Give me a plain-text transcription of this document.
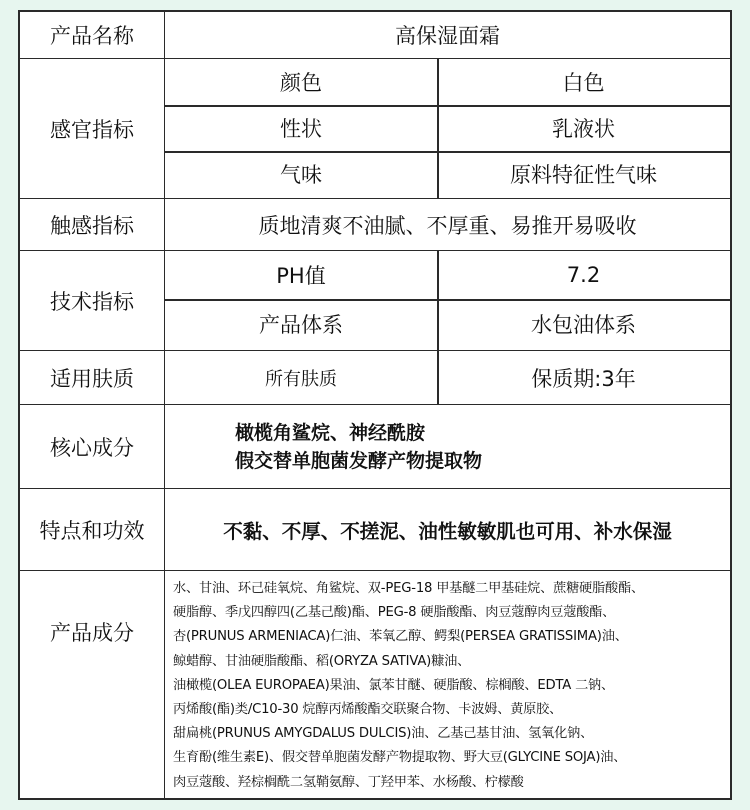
产品名称	高保湿面霜
感官指标
颜色	白色
性状	乳液状
气味	原料特征性气味
触感指标	质地清爽不油腻、不厚重、易推开易吸收
技术指标
PH值	7.2
产品体系	水包油体系
适用肤质	所有肤质	保质期:3年
核心成分
橄榄角鲨烷、神经酰胺
假交替单胞菌发酵产物提取物
特点和功效	不黏、不厚、不搓泥、油性敏敏肌也可用、补水保湿
产品成分
水、甘油、环己硅氧烷、角鲨烷、双-PEG-18 甲基醚二甲基硅烷、蔗糖硬脂酸酯、
硬脂醇、季戊四醇四(乙基己酸)酯、PEG-8 硬脂酸酯、肉豆蔻醇肉豆蔻酸酯、
杏(PRUNUS ARMENIACA)仁油、苯氧乙醇、鳄梨(PERSEA GRATISSIMA)油、
鲸蜡醇、甘油硬脂酸酯、稻(ORYZA SATIVA)糠油、
油橄榄(OLEA EUROPAEA)果油、氯苯甘醚、硬脂酸、棕榈酸、EDTA 二钠、
丙烯酸(酯)类/C10-30 烷醇丙烯酸酯交联聚合物、卡波姆、黄原胶、
甜扁桃(PRUNUS AMYGDALUS DULCIS)油、乙基己基甘油、氢氧化钠、
生育酚(维生素E)、假交替单胞菌发酵产物提取物、野大豆(GLYCINE SOJA)油、
肉豆蔻酸、羟棕榈酰二氢鞘氨醇、丁羟甲苯、水杨酸、柠檬酸
